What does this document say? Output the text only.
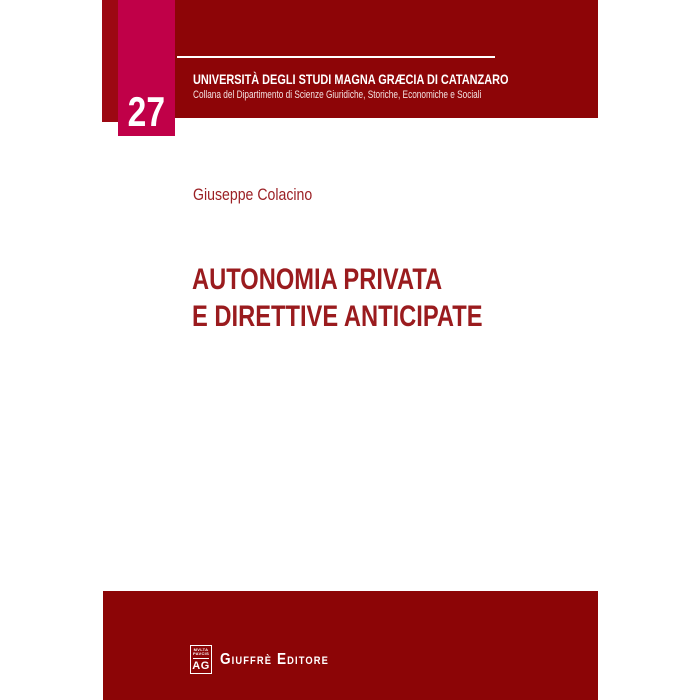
27
UNIVERSITÀ DEGLI STUDI MAGNA GRÆCIA DI CATANZARO
Collana del Dipartimento di Scienze Giuridiche, Storiche, Economiche e Sociali
Giuseppe Colacino
AUTONOMIA PRIVATA
E DIRETTIVE ANTICIPATE
MVLTA
PAVCIS
AG Giuffrè Editore
